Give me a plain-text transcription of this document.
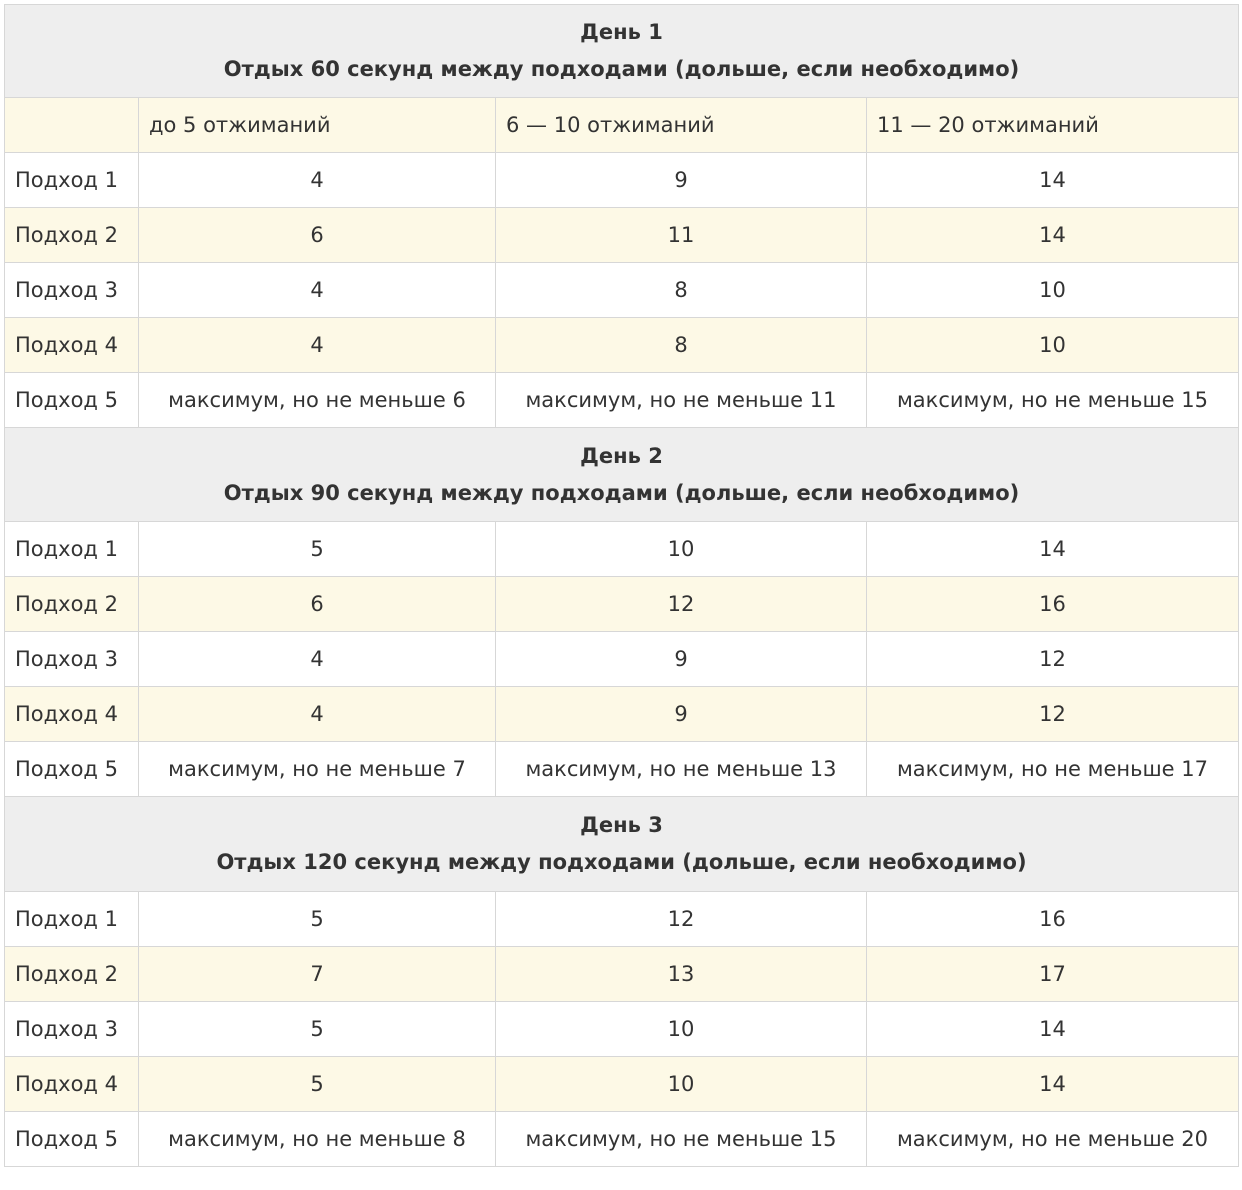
День 1
Отдых 60 секунд между подходами (дольше, если необходимо)			

	до 5 отжиманий	6 — 10 отжиманий	11 — 20 отжиманий
Подход 1	4	9	14
Подход 2	6	11	14
Подход 3	4	8	10
Подход 4	4	8	10
Подход 5	максимум, но не меньше 6	максимум, но не меньше 11	максимум, но не меньше 15

День 2
Отдых 90 секунд между подходами (дольше, если необходимо)			

Подход 1	5	10	14
Подход 2	6	12	16
Подход 3	4	9	12
Подход 4	4	9	12
Подход 5	максимум, но не меньше 7	максимум, но не меньше 13	максимум, но не меньше 17

День 3
Отдых 120 секунд между подходами (дольше, если необходимо)			

Подход 1	5	12	16
Подход 2	7	13	17
Подход 3	5	10	14
Подход 4	5	10	14
Подход 5	максимум, но не меньше 8	максимум, но не меньше 15	максимум, но не меньше 20
